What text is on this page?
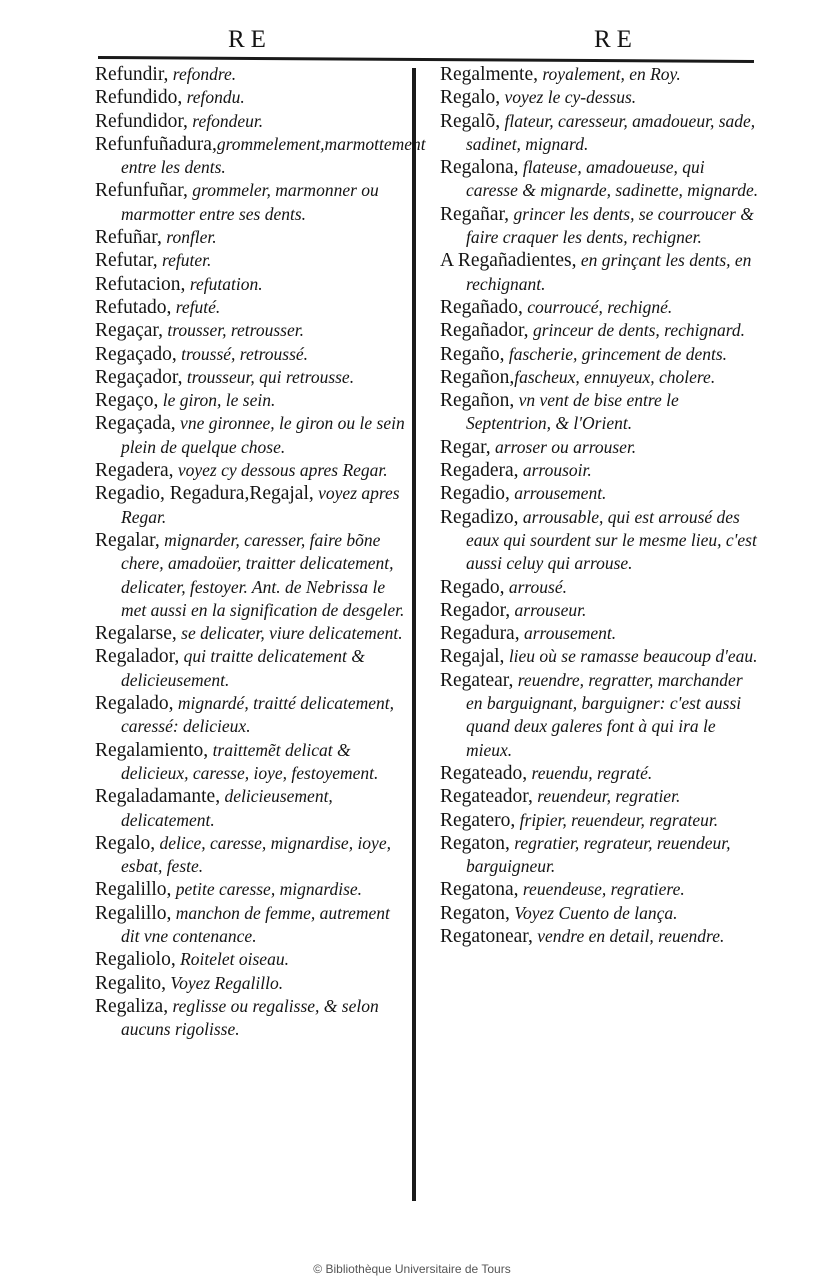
RE	RE
Refundir, refondre.
Refundido, refondu.
Refundidor, refondeur.
Refunfuñadura,grommelement,marmottement entre les dents.
Refunfuñar, grommeler, marmonner ou marmotter entre ses dents.
Refuñar, ronfler.
Refutar, refuter.
Refutacion, refutation.
Refutado, refuté.
Regaçar, trousser, retrousser.
Regaçado, troussé, retroussé.
Regaçador, trousseur, qui retrousse.
Regaço, le giron, le sein.
Regaçada, vne gironnee, le giron ou le sein plein de quelque chose.
Regadera, voyez cy dessous apres Regar.
Regadio, Regadura,Regajal, voyez apres Regar.
Regalar, mignarder, caresser, faire bõne chere, amadoüer, traitter delicatement, delicater, festoyer. Ant. de Nebrissa le met aussi en la signification de desgeler.
Regalarse, se delicater, viure delicatement.
Regalador, qui traitte delicatement & delicieusement.
Regalado, mignardé, traitté delicatement, caressé: delicieux.
Regalamiento, traittemẽt delicat & delicieux, caresse, ioye, festoyement.
Regaladamante, delicieusement, delicatement.
Regalo, delice, caresse, mignardise, ioye, esbat, feste.
Regalillo, petite caresse, mignardise.
Regalillo, manchon de femme, autrement dit vne contenance.
Regaliolo, Roitelet oiseau.
Regalito, Voyez Regalillo.
Regaliza, reglisse ou regalisse, & selon aucuns rigolisse.
Regalmente, royalement, en Roy.
Regalo, voyez le cy-dessus.
Regalõ, flateur, caresseur, amadoueur, sade, sadinet, mignard.
Regalona, flateuse, amadoueuse, qui caresse & mignarde, sadinette, mignarde.
Regañar, grincer les dents, se courroucer & faire craquer les dents, rechigner.
A Regañadientes, en grinçant les dents, en rechignant.
Regañado, courroucé, rechigné.
Regañador, grinceur de dents, rechignard.
Regaño, fascherie, grincement de dents.
Regañon,fascheux, ennuyeux, cholere.
Regañon, vn vent de bise entre le Septentrion, & l'Orient.
Regar, arroser ou arrouser.
Regadera, arrousoir.
Regadio, arrousement.
Regadizo, arrousable, qui est arrousé des eaux qui sourdent sur le mesme lieu, c'est aussi celuy qui arrouse.
Regado, arrousé.
Regador, arrouseur.
Regadura, arrousement.
Regajal, lieu où se ramasse beaucoup d'eau.
Regatear, reuendre, regratter, marchander en barguignant, barguigner: c'est aussi quand deux galeres font à qui ira le mieux.
Regateado, reuendu, regraté.
Regateador, reuendeur, regratier.
Regatero, fripier, reuendeur, regrateur.
Regaton, regratier, regrateur, reuendeur, barguigneur.
Regatona, reuendeuse, regratiere.
Regaton, Voyez Cuento de lança.
Regatonear, vendre en detail, reuendre.
© Bibliothèque Universitaire de Tours
